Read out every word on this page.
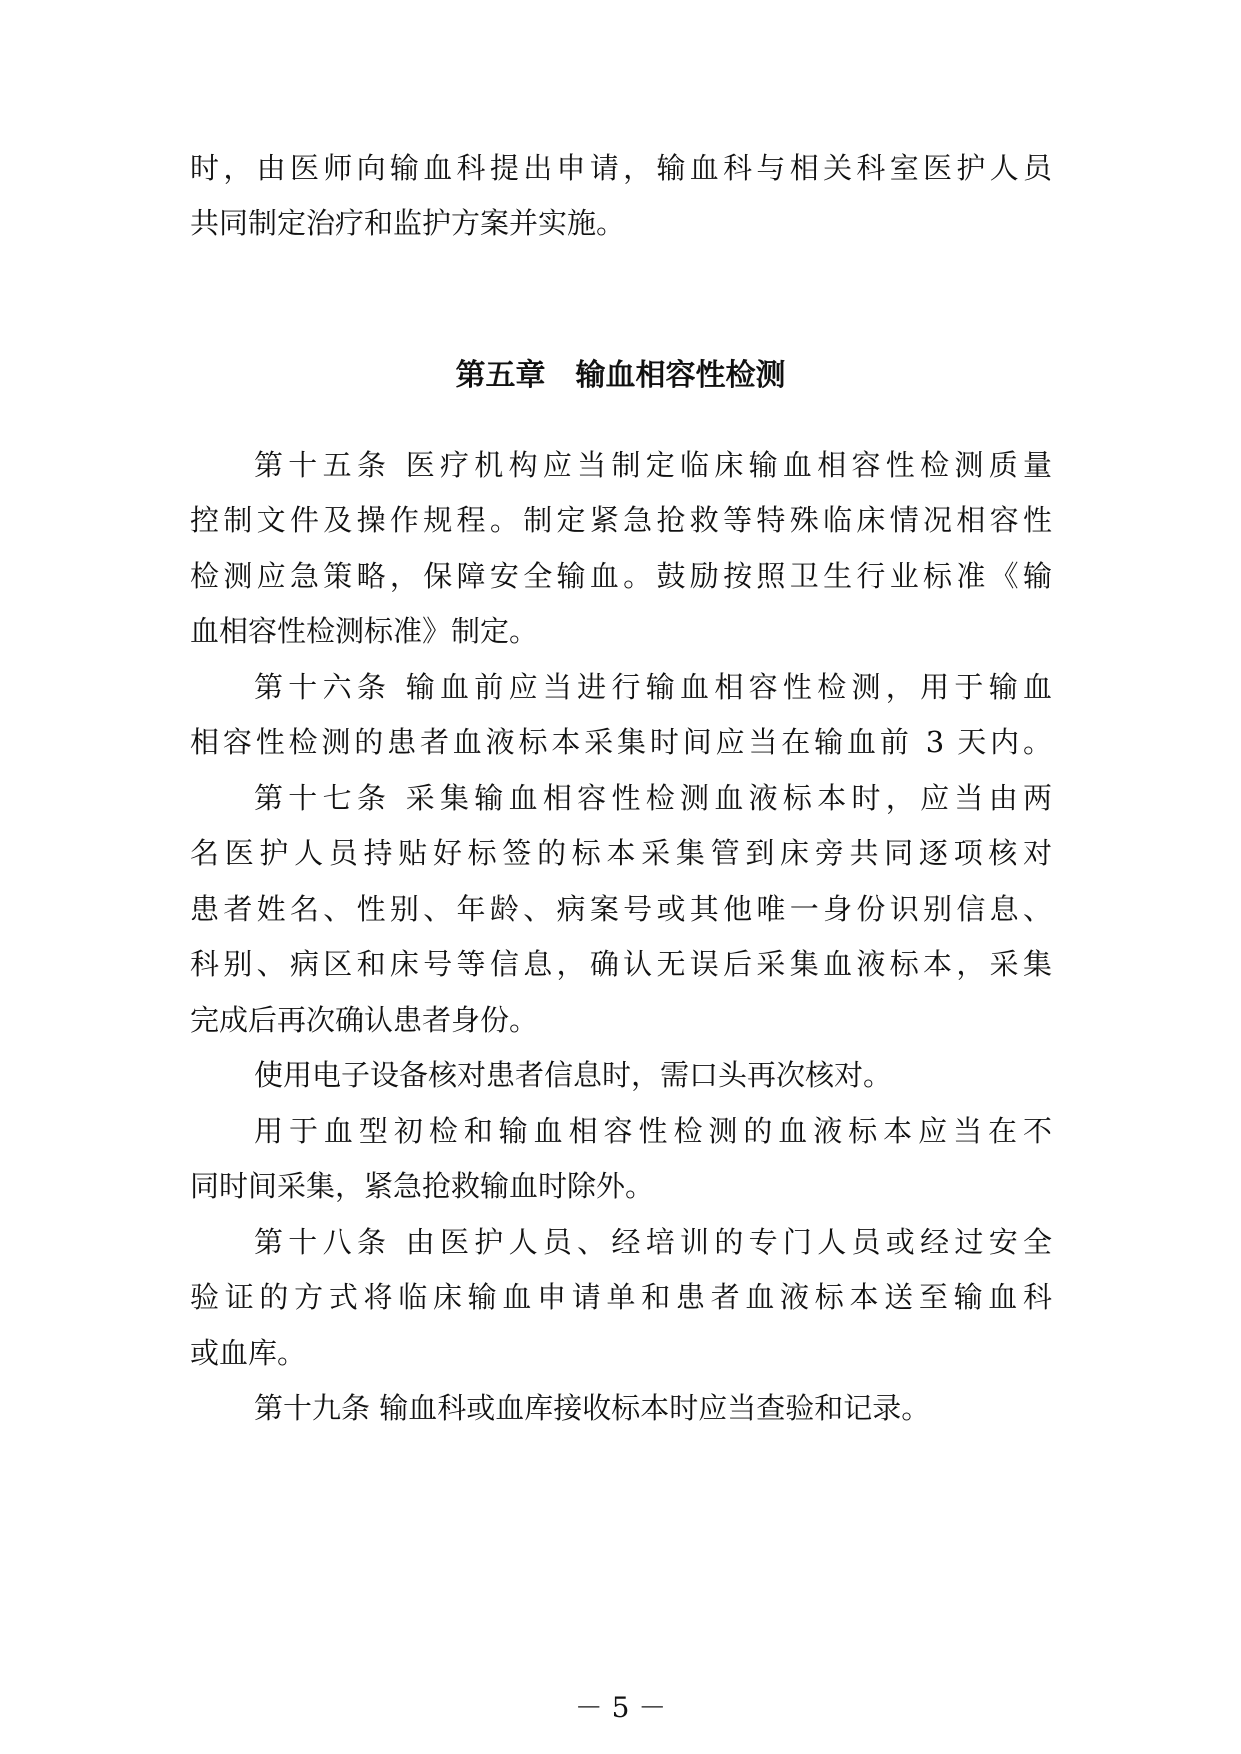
时，由医师向输血科提出申请，输血科与相关科室医护人员
共同制定治疗和监护方案并实施。
第五章　输血相容性检测
第十五条 医疗机构应当制定临床输血相容性检测质量
控制文件及操作规程。制定紧急抢救等特殊临床情况相容性
检测应急策略，保障安全输血。鼓励按照卫生行业标准《输
血相容性检测标准》制定。
第十六条 输血前应当进行输血相容性检测，用于输血
相容性检测的患者血液标本采集时间应当在输血前 3 天内。
第十七条 采集输血相容性检测血液标本时，应当由两
名医护人员持贴好标签的标本采集管到床旁共同逐项核对
患者姓名、性别、年龄、病案号或其他唯一身份识别信息、
科别、病区和床号等信息，确认无误后采集血液标本，采集
完成后再次确认患者身份。
使用电子设备核对患者信息时，需口头再次核对。
用于血型初检和输血相容性检测的血液标本应当在不
同时间采集，紧急抢救输血时除外。
第十八条 由医护人员、经培训的专门人员或经过安全
验证的方式将临床输血申请单和患者血液标本送至输血科
或血库。
第十九条 输血科或血库接收标本时应当查验和记录。
－ 5 －
